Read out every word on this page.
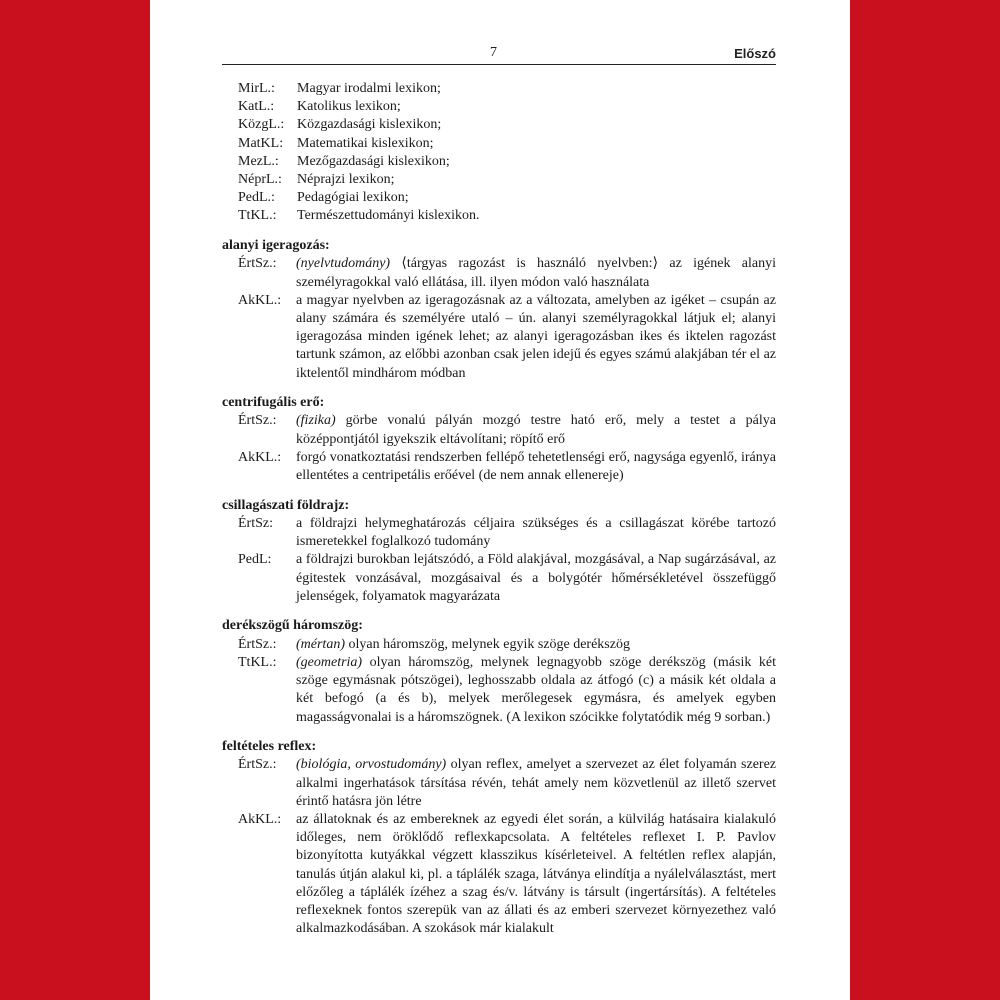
7	Előszó
MirL.:	Magyar irodalmi lexikon;
KatL.:	Katolikus lexikon;
KözgL.: Közgazdasági kislexikon;
MatKL: Matematikai kislexikon;
MezL.:	Mezőgazdasági kislexikon;
NéprL.:	Néprajzi lexikon;
PedL.:	Pedagógiai lexikon;
TtKL.:	Természettudományi kislexikon.
alanyi igeragozás:
ÉrtSz.:	(nyelvtudomány) ⟨tárgyas ragozást is használó nyelvben:⟩ az igének alanyi személyragokkal való ellátása, ill. ilyen módon való használata
AkKL.:	a magyar nyelvben az igeragozásnak az a változata, amelyben az igéket – csupán az alany számára és személyére utaló – ún. alanyi személyragokkal látjuk el; alanyi igeragozása minden igének lehet; az alanyi igeragozásban ikes és iktelen ragozást tartunk számon, az előbbi azonban csak jelen idejű és egyes számú alakjában tér el az iktelentől mindhárom módban
centrifugális erő:
ÉrtSz.:	(fizika) görbe vonalú pályán mozgó testre ható erő, mely a testet a pálya középpontjától igyekszik eltávolítani; röpítő erő
AkKL.:	forgó vonatkoztatási rendszerben fellépő tehetetlenségi erő, nagysága egyenlő, iránya ellentétes a centripetális erőével (de nem annak ellenereje)
csillagászati földrajz:
ÉrtSz:	a földrajzi helymeghatározás céljaira szükséges és a csillagászat körébe tartozó ismeretekkel foglalkozó tudomány
PedL:	a földrajzi burokban lejátszódó, a Föld alakjával, mozgásával, a Nap sugárzásával, az égitestek vonzásával, mozgásaival és a bolygótér hőmérsékletével összefüggő jelenségek, folyamatok magyarázata
derékszögű háromszög:
ÉrtSz.:	(mértan) olyan háromszög, melynek egyik szöge derékszög
TtKL.:	(geometria) olyan háromszög, melynek legnagyobb szöge derékszög (másik két szöge egymásnak pótszögei), leghosszabb oldala az átfogó (c) a másik két oldala a két befogó (a és b), melyek merőlegesek egymásra, és amelyek egyben magasságvonalai is a háromszögnek. (A lexikon szócikke folytatódik még 9 sorban.)
feltételes reflex:
ÉrtSz.:	(biológia, orvostudomány) olyan reflex, amelyet a szervezet az élet folyamán szerez alkalmi ingerhatások társítása révén, tehát amely nem közvetlenül az illető szervet érintő hatásra jön létre
AkKL.:	az állatoknak és az embereknek az egyedi élet során, a külvilág hatásaira kialakuló időleges, nem öröklődő reflexkapcsolata. A feltételes reflexet I. P. Pavlov bizonyította kutyákkal végzett klasszikus kísérleteivel. A feltétlen reflex alapján, tanulás útján alakul ki, pl. a táplálék szaga, látványa elindítja a nyálelválasztást, mert előzőleg a táplálék ízéhez a szag és/v. látvány is társult (ingertársítás). A feltételes reflexeknek fontos szerepük van az állati és az emberi szervezet környezethez való alkalmazkodásában. A szokások már kialakult
